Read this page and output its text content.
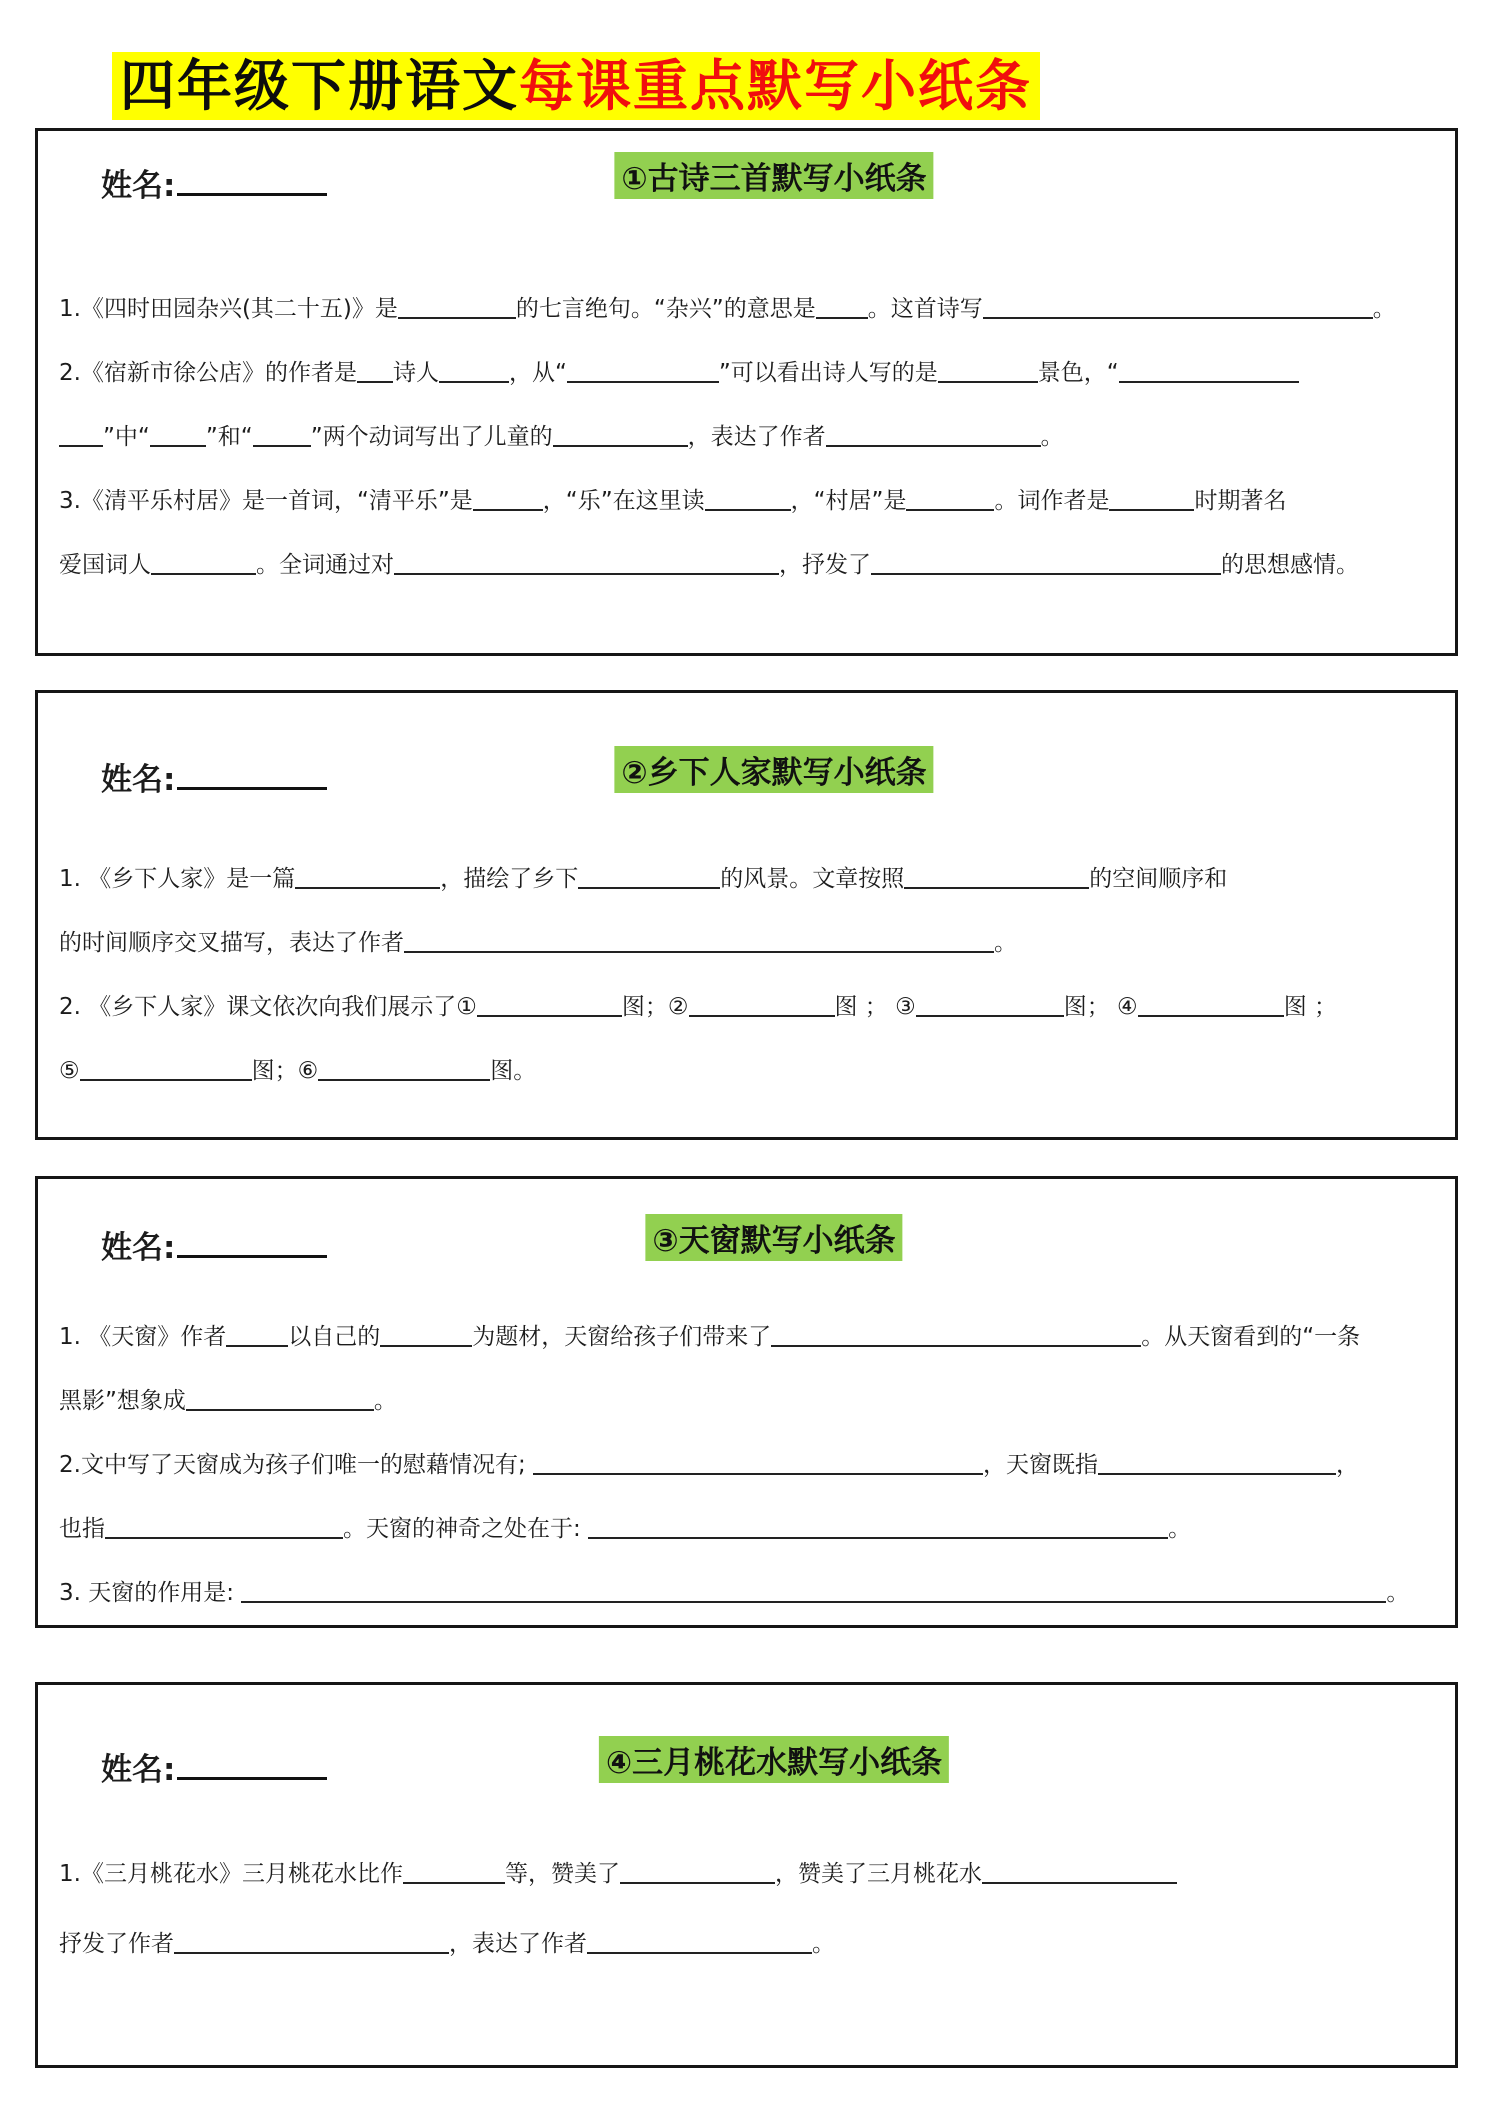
四年级下册语文每课重点默写小纸条
姓名:	①古诗三首默写小纸条
1.《四时田园杂兴(其二十五)》是	的七言绝句。“杂兴”的意思是 。这首诗写	。
2.《宿新市徐公店》的作者是 诗人	，从“	”可以看出诗人写的是	景色，“
”中“ ”和“	”两个动词写出了儿童的	，表达了作者	。
3.《清平乐村居》是一首词，“清平乐”是	，“乐”在这里读	，“村居”是	。词作者是	时期著名
爱国词人	。全词通过对	，抒发了	的思想感情。
姓名:	②乡下人家默写小纸条
1. 《乡下人家》是一篇	，描绘了乡下	的风景。文章按照	的空间顺序和
的时间顺序交叉描写，表达了作者	。
2. 《乡下人家》课文依次向我们展示了①	图；②	图 ； ③	图； ④	图 ；
⑤	图；⑥	图。
姓名:	③天窗默写小纸条
1. 《天窗》作者	以自己的	为题材，天窗给孩子们带来了	。从天窗看到的“一条
黑影”想象成	。
2.文中写了天窗成为孩子们唯一的慰藉情况有;	，天窗既指	，
也指	。天窗的神奇之处在于:	。
3. 天窗的作用是:	。
姓名:	④三月桃花水默写小纸条
1.《三月桃花水》三月桃花水比作	等，赞美了	，赞美了三月桃花水
抒发了作者	，表达了作者	。
